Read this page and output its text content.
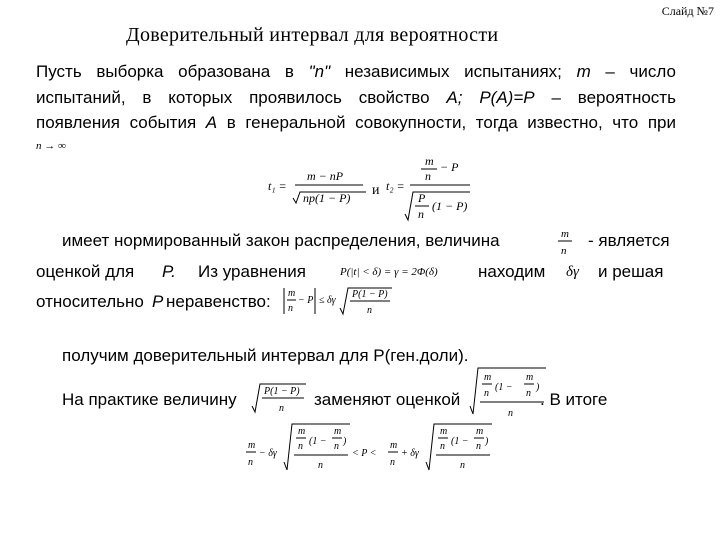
Слайд №7
Доверительный интервал для вероятности
Пусть выборка образована в "n" независимых испытаниях; m – число
испытаний, в которых проявилось свойство A; P(A)=P – вероятность
появления события A в генеральной совокупности, тогда известно, что при
n → ∞
t₁ =
m − nP
np(1 − P) и t₂ =
m
n
− P
P
n
(1 − P)
имеет нормированный закон распределения, величина	m
n
- является
оценкой для P. Из уравнения	P(|t| < δ) = γ = 2Φ(δ) находим δγ и решая
относительно P неравенство: m
n
− P ≤ δγ
P(1 − P)
n
получим доверительный интервал для Р(ген.доли).
На практике величину	P(1 − P)
n заменяют оценкой
m
n
(1 −
m
n
)
n
. В итоге
m
n
− δγ
m
n (1 −
m
n )
n
< P <
m
n
+ δγ
m
n (1 −
m
n )
n
